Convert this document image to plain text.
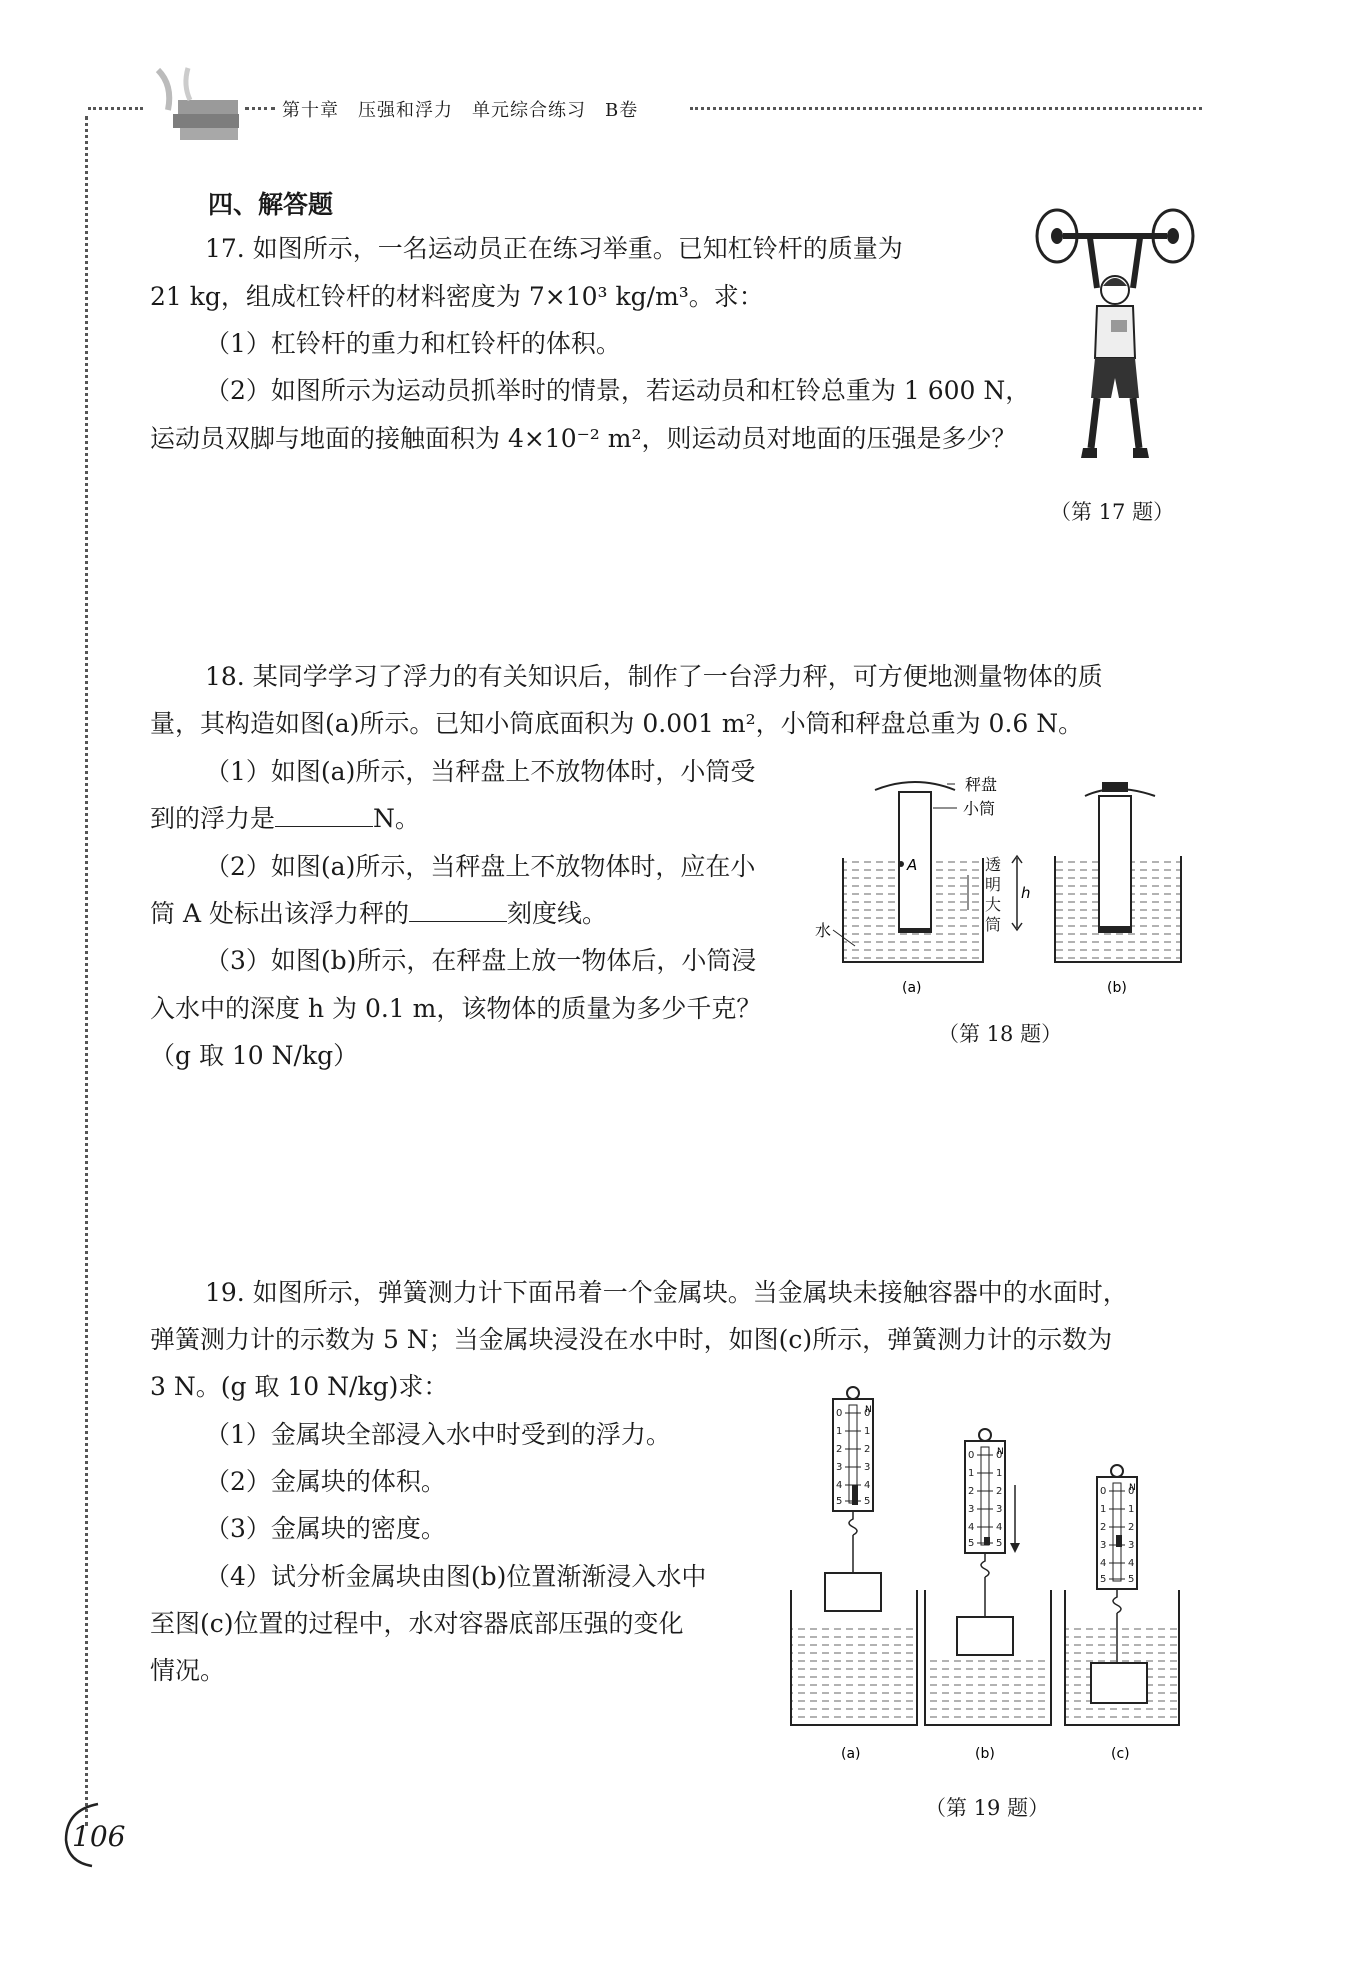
第十章　压强和浮力　单元综合练习　B卷
四、解答题
17. 如图所示，一名运动员正在练习举重。已知杠铃杆的质量为
21 kg，组成杠铃杆的材料密度为 7×10³ kg/m³。求：
（1）杠铃杆的重力和杠铃杆的体积。
（2）如图所示为运动员抓举时的情景，若运动员和杠铃总重为 1 600 N，
运动员双脚与地面的接触面积为 4×10⁻² m²，则运动员对地面的压强是多少？
（第 17 题）
18. 某同学学习了浮力的有关知识后，制作了一台浮力秤，可方便地测量物体的质
量，其构造如图(a)所示。已知小筒底面积为 0.001 m²，小筒和秤盘总重为 0.6 N。
（1）如图(a)所示，当秤盘上不放物体时，小筒受
到的浮力是	N。
（2）如图(a)所示，当秤盘上不放物体时，应在小
筒 A 处标出该浮力秤的	刻度线。
（3）如图(b)所示，在秤盘上放一物体后，小筒浸
入水中的深度 h 为 0.1 m，该物体的质量为多少千克？
（g 取 10 N/kg）
A
秤盘
小筒
水
(a)
h
(b)
透明大筒
（第 18 题）
19. 如图所示，弹簧测力计下面吊着一个金属块。当金属块未接触容器中的水面时，
弹簧测力计的示数为 5 N；当金属块浸没在水中时，如图(c)所示，弹簧测力计的示数为
3 N。(g 取 10 N/kg)求：
（1）金属块全部浸入水中时受到的浮力。
（2）金属块的体积。
（3）金属块的密度。
（4）试分析金属块由图(b)位置渐渐浸入水中
至图(c)位置的过程中，水对容器底部压强的变化
情况。
0
1
2
3
4
5
0
1
2
3
4
5
N
(a)
N
(b)
N
(c)
（第 19 题）
106
